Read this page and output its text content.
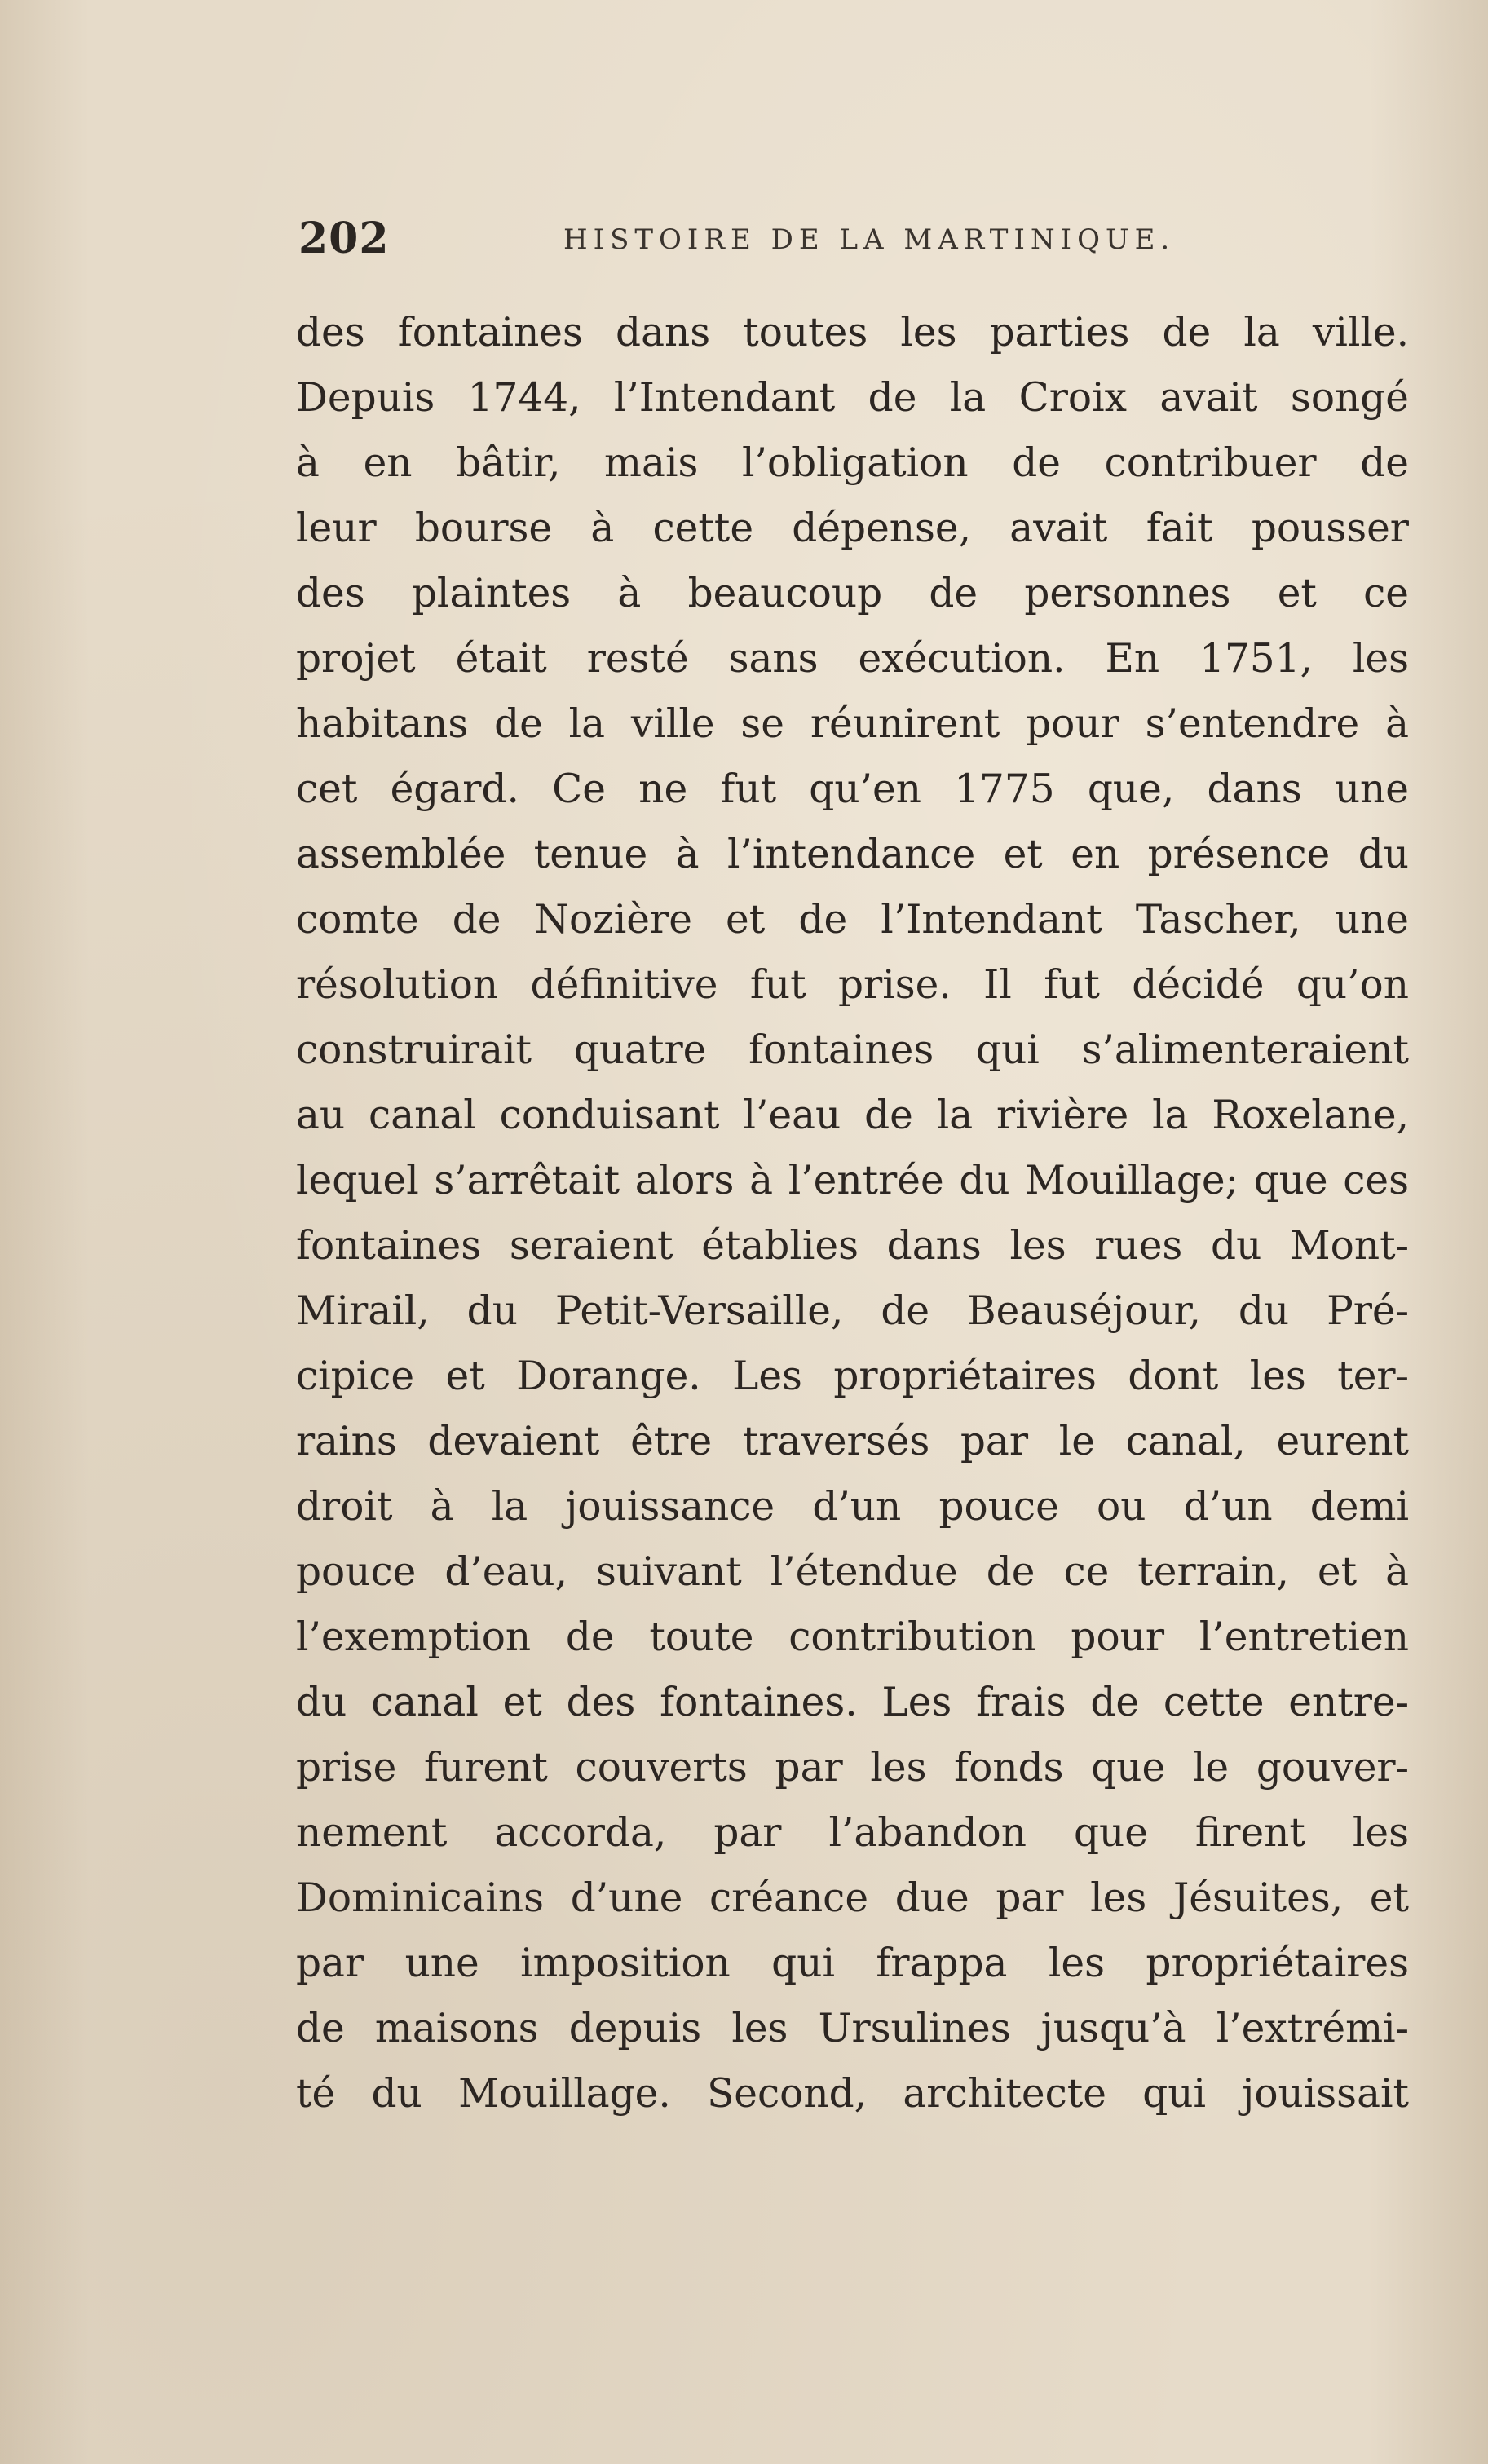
202	HISTOIRE DE LA MARTINIQUE.
des fontaines dans toutes les parties de la ville.
Depuis 1744, l’Intendant de la Croix avait songé
à en bâtir, mais l’obligation de contribuer de
leur bourse à cette dépense, avait fait pousser
des plaintes à beaucoup de personnes et ce
projet était resté sans exécution. En 1751, les
habitans de la ville se réunirent pour s’entendre à
cet égard. Ce ne fut qu’en 1775 que, dans une
assemblée tenue à l’intendance et en présence du
comte de Nozière et de l’Intendant Tascher, une
résolution définitive fut prise. Il fut décidé qu’on
construirait quatre fontaines qui s’alimenteraient
au canal conduisant l’eau de la rivière la Roxelane,
lequel s’arrêtait alors à l’entrée du Mouillage; que ces
fontaines seraient établies dans les rues du Mont-
Mirail, du Petit-Versaille, de Beauséjour, du Pré-
cipice et Dorange. Les propriétaires dont les ter-
rains devaient être traversés par le canal, eurent
droit à la jouissance d’un pouce ou d’un demi
pouce d’eau, suivant l’étendue de ce terrain, et à
l’exemption de toute contribution pour l’entretien
du canal et des fontaines. Les frais de cette entre-
prise furent couverts par les fonds que le gouver-
nement accorda, par l’abandon que firent les
Dominicains d’une créance due par les Jésuites, et
par une imposition qui frappa les propriétaires
de maisons depuis les Ursulines jusqu’à l’extrémi-
té du Mouillage. Second, architecte qui jouissait
